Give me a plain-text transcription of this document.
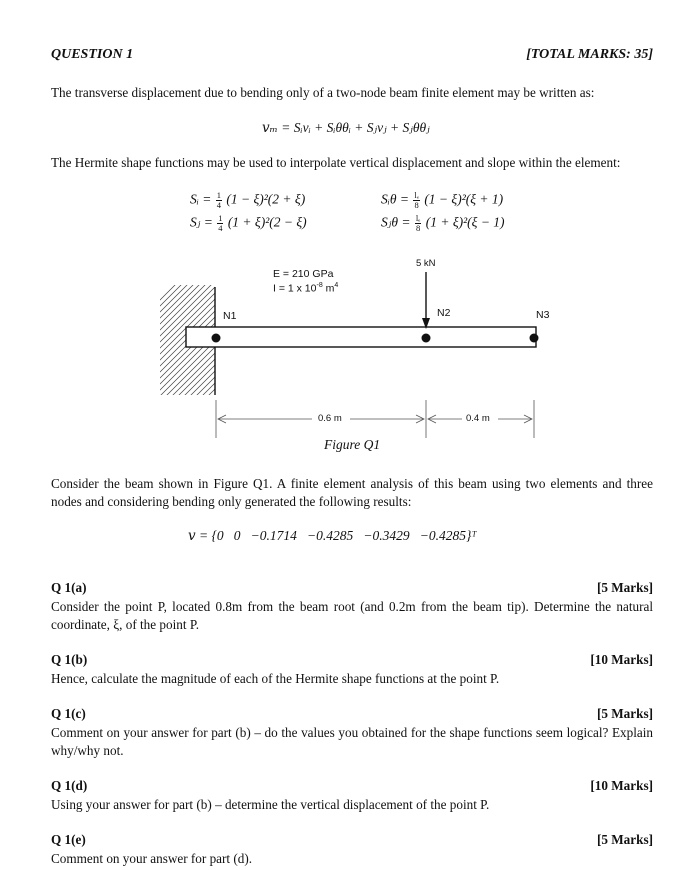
QUESTION 1	[TOTAL MARKS: 35]
The transverse displacement due to bending only of a two-node beam finite element may be written as:
𝑣ₘ = Sᵢvᵢ + Sᵢθθᵢ + Sⱼvⱼ + Sⱼθθⱼ
The Hermite shape functions may be used to interpolate vertical displacement and slope within the element:
Sᵢ = $\frac{1}{4} (1 - \xi)^2(2 + \xi)$
Sⱼ = $\frac{1}{4} (1 + \xi)^2(2 - \xi)$
Sᵢθ = $\frac{\text{lₑ}}{8} (1 - \xi)^2(\xi + 1)$
Sⱼθ = $\frac{\text{lₑ}}{8} (1 + \xi)^2(\xi - 1)$
E = 210 GPa
I = 1 x $10^{-8}$ $m^4$
5 kN
N1	N2	N3
0.6 m	0.4 m
Figure Q1
Consider the beam shown in Figure Q1. A finite element analysis of this beam using two elements and three nodes and considering bending only generated the following results:
𝑣 = {0   0   −0.1714   −0.4285   −0.3429   −0.4285}ᵀ
Q 1(a)	[5 Marks]
Consider the point P, located 0.8m from the beam root (and 0.2m from the beam tip). Determine the natural coordinate, ξ, of the point P.
Q 1(b)	[10 Marks]
Hence, calculate the magnitude of each of the Hermite shape functions at the point P.
Q 1(c)	[5 Marks]
Comment on your answer for part (b) – do the values you obtained for the shape functions seem logical? Explain why/why not.
Q 1(d)	[10 Marks]
Using your answer for part (b) – determine the vertical displacement of the point P.
Q 1(e)	[5 Marks]
Comment on your answer for part (d).
